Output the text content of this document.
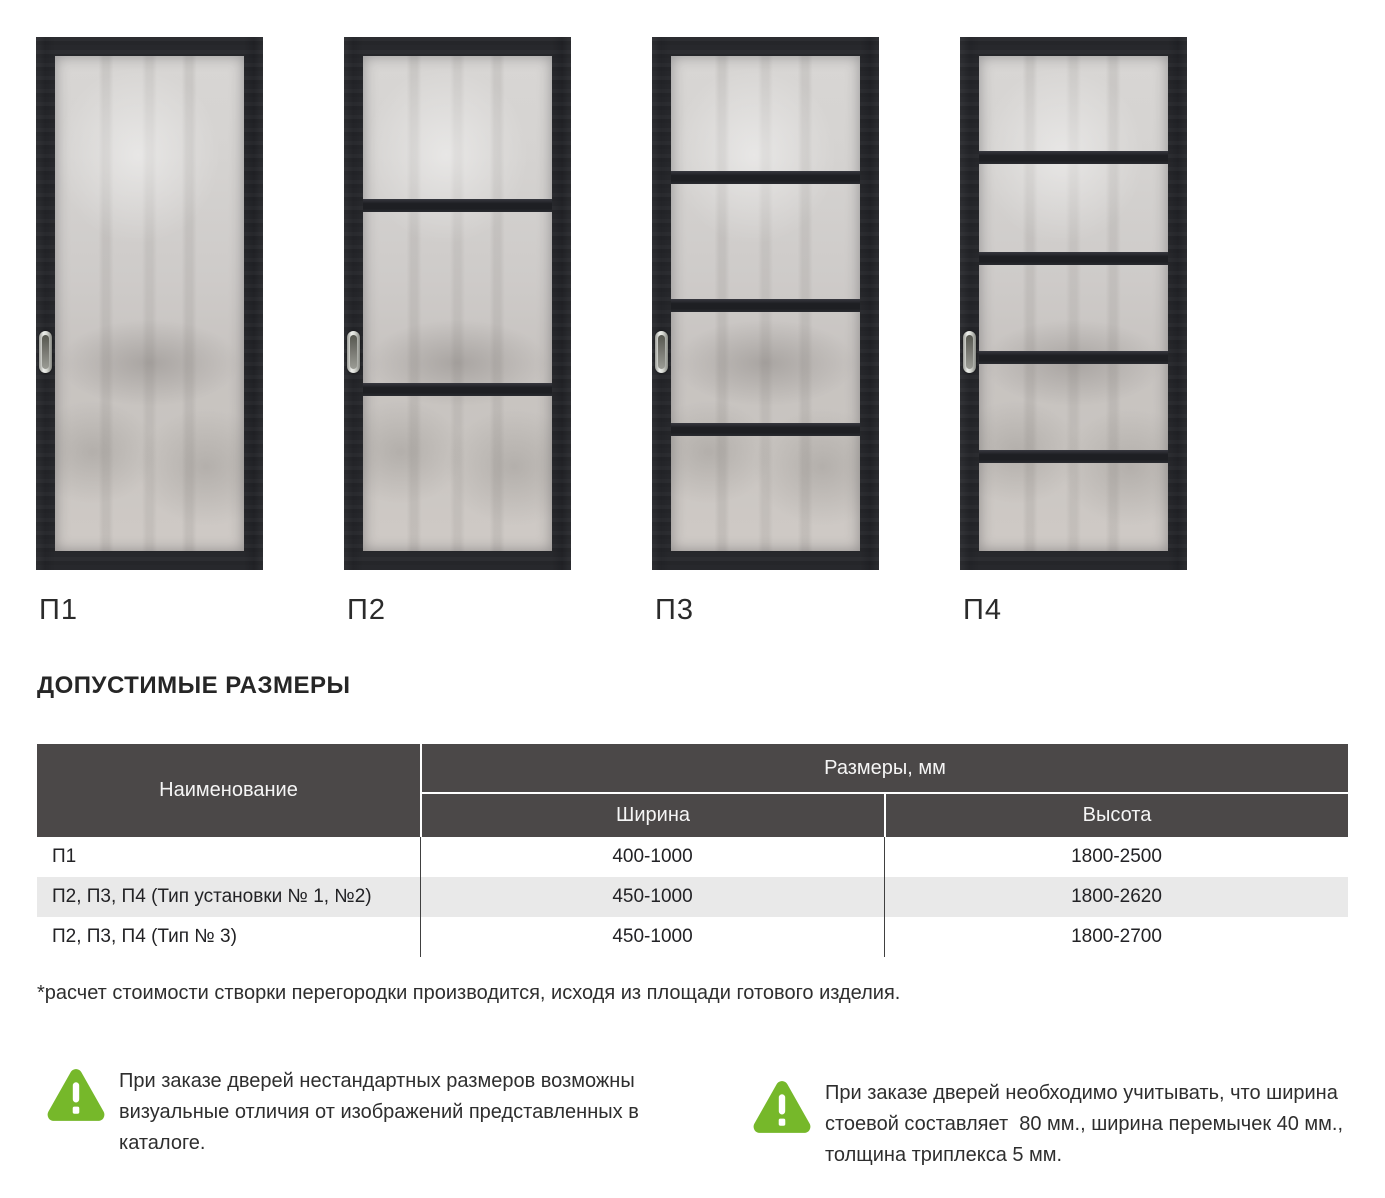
П1	П2	П3	П4
ДОПУСТИМЫЕ РАЗМЕРЫ
Наименование	Размеры, мм	
	Ширина	Высота
П1	400-1000	1800-2500
П2, П3, П4 (Тип установки № 1, №2)	450-1000	1800-2620
П2, П3, П4 (Тип № 3)	450-1000	1800-2700

*расчет стоимости створки перегородки производится, исходя из площади готового изделия.

При заказе дверей нестандартных размеров возможны визуальные отличия от изображений представленных в каталоге.

При заказе дверей необходимо учитывать, что ширина стоевой составляет  80 мм., ширина перемычек 40 мм., толщина триплекса 5 мм.
